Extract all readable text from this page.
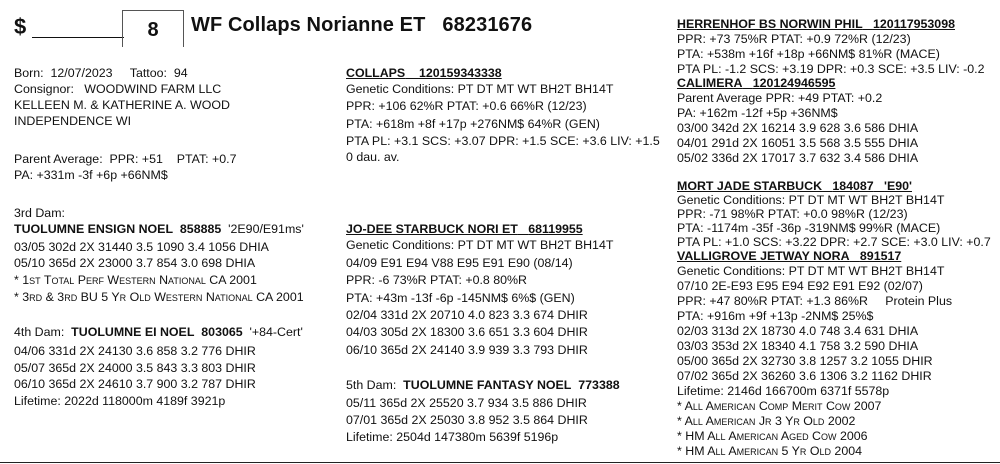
$	8	WF Collaps Norianne ET 68231676
Born: 12/07/2023 Tattoo: 94
Consignor: WOODWIND FARM LLC
KELLEEN M. & KATHERINE A. WOOD
INDEPENDENCE WI
Parent Average: PPR: +51 PTAT: +0.7
PA: +331m -3f +6p +66NM$
3rd Dam:
TUOLUMNE ENSIGN NOEL 858885 '2E90/E91ms'
03/05 302d 2X 31440 3.5 1090 3.4 1056 DHIA
05/10 365d 2X 23000 3.7 854 3.0 698 DHIA
* 1st Total Perf Western National CA 2001
* 3rd & 3rd BU 5 Yr Old Western National CA 2001
4th Dam: TUOLUMNE EI NOEL 803065 '+84-Cert'
04/06 331d 2X 24130 3.6 858 3.2 776 DHIR
05/07 365d 2X 24000 3.5 843 3.3 803 DHIR
06/10 365d 2X 24610 3.7 900 3.2 787 DHIR
Lifetime: 2022d 118000m 4189f 3921p
COLLAPS 120159343338
Genetic Conditions: PT DT MT WT BH2T BH14T
PPR: +106 62%R PTAT: +0.6 66%R (12/23)
PTA: +618m +8f +17p +276NM$ 64%R (GEN)
PTA PL: +3.1 SCS: +3.07 DPR: +1.5 SCE: +3.6 LIV: +1.5
0 dau. av.
JO-DEE STARBUCK NORI ET 68119955
Genetic Conditions: PT DT MT WT BH2T BH14T
04/09 E91 E94 V88 E95 E91 E90 (08/14)
PPR: -6 73%R PTAT: +0.8 80%R
PTA: +43m -13f -6p -145NM$ 6%$ (GEN)
02/04 331d 2X 20710 4.0 823 3.3 674 DHIR
04/03 305d 2X 18300 3.6 651 3.3 604 DHIR
06/10 365d 2X 24140 3.9 939 3.3 793 DHIR
5th Dam: TUOLUMNE FANTASY NOEL 773388
05/11 365d 2X 25520 3.7 934 3.5 886 DHIR
07/01 365d 2X 25030 3.8 952 3.5 864 DHIR
Lifetime: 2504d 147380m 5639f 5196p
HERRENHOF BS NORWIN PHIL 120117953098
PPR: +73 75%R PTAT: +0.9 72%R (12/23)
PTA: +538m +16f +18p +66NM$ 81%R (MACE)
PTA PL: -1.2 SCS: +3.19 DPR: +0.3 SCE: +3.5 LIV: -0.2
CALIMERA 120124946595
Parent Average PPR: +49 PTAT: +0.2
PA: +162m -12f +5p +36NM$
03/00 342d 2X 16214 3.9 628 3.6 586 DHIA
04/01 291d 2X 16051 3.5 568 3.5 555 DHIA
05/02 336d 2X 17017 3.7 632 3.4 586 DHIA
MORT JADE STARBUCK 184087 'E90'
Genetic Conditions: PT DT MT WT BH2T BH14T
PPR: -71 98%R PTAT: +0.0 98%R (12/23)
PTA: -1174m -35f -36p -319NM$ 99%R (MACE)
PTA PL: +1.0 SCS: +3.22 DPR: +2.7 SCE: +3.0 LIV: +0.7
VALLIGROVE JETWAY NORA 891517
Genetic Conditions: PT DT MT WT BH2T BH14T
07/10 2E-E93 E95 E94 E92 E91 E92 (02/07)
PPR: +47 80%R PTAT: +1.3 86%R Protein Plus
PTA: +916m +9f +13p -2NM$ 25%$
02/03 313d 2X 18730 4.0 748 3.4 631 DHIA
03/03 353d 2X 18340 4.1 758 3.2 590 DHIA
05/00 365d 2X 32730 3.8 1257 3.2 1055 DHIR
07/02 365d 2X 36260 3.6 1306 3.2 1162 DHIR
Lifetime: 2146d 166700m 6371f 5578p
* All American Comp Merit Cow 2007
* All American Jr 3 Yr Old 2002
* HM All American Aged Cow 2006
* HM All American 5 Yr Old 2004
